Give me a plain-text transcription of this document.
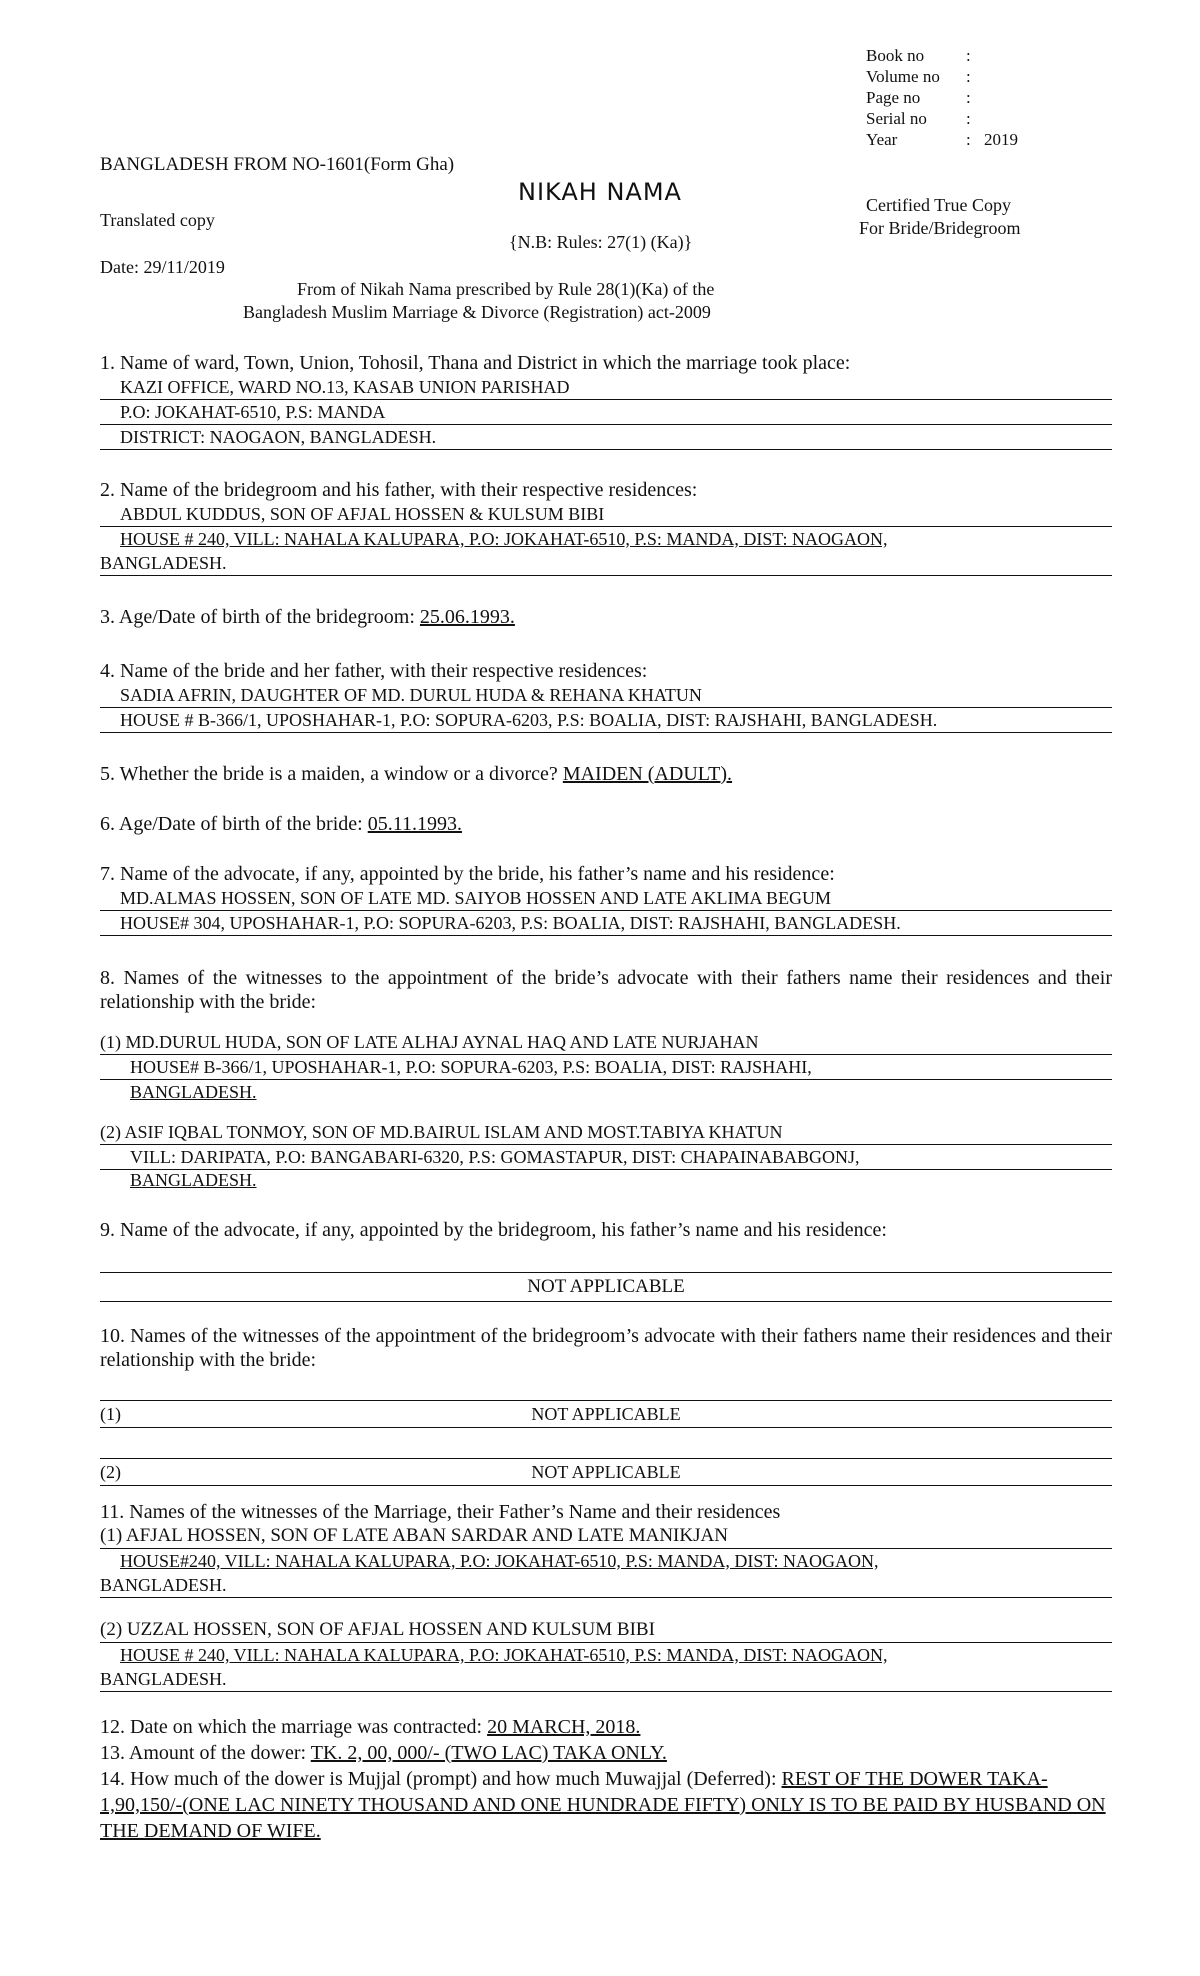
Book no :
Volume no :
Page no	:
Serial no :
Year	: 2019
BANGLADESH FROM NO-1601(Form Gha)
NIKAH NAMA
Translated copy
Certified True Copy
For Bride/Bridegroom
{N.B: Rules: 27(1) (Ka)}
Date: 29/11/2019
From of Nikah Nama prescribed by Rule 28(1)(Ka) of the
Bangladesh Muslim Marriage & Divorce (Registration) act-2009
1. Name of ward, Town, Union, Tohosil, Thana and District in which the marriage took place:
KAZI OFFICE, WARD NO.13, KASAB UNION PARISHAD
P.O: JOKAHAT-6510, P.S: MANDA
DISTRICT: NAOGAON, BANGLADESH.
2. Name of the bridegroom and his father, with their respective residences:
ABDUL KUDDUS, SON OF AFJAL HOSSEN & KULSUM BIBI
HOUSE # 240, VILL: NAHALA KALUPARA, P.O: JOKAHAT-6510, P.S: MANDA, DIST: NAOGAON,
BANGLADESH.
3. Age/Date of birth of the bridegroom: 25.06.1993.
4. Name of the bride and her father, with their respective residences:
SADIA AFRIN, DAUGHTER OF MD. DURUL HUDA & REHANA KHATUN
HOUSE # B-366/1, UPOSHAHAR-1, P.O: SOPURA-6203, P.S: BOALIA, DIST: RAJSHAHI, BANGLADESH.
5. Whether the bride is a maiden, a window or a divorce? MAIDEN (ADULT).
6. Age/Date of birth of the bride: 05.11.1993.
7. Name of the advocate, if any, appointed by the bride, his father’s name and his residence:
MD.ALMAS HOSSEN, SON OF LATE MD. SAIYOB HOSSEN AND LATE AKLIMA BEGUM
HOUSE# 304, UPOSHAHAR-1, P.O: SOPURA-6203, P.S: BOALIA, DIST: RAJSHAHI, BANGLADESH.
8. Names of the witnesses to the appointment of the bride’s advocate with their fathers name their residences and their relationship with the bride:
(1) MD.DURUL HUDA, SON OF LATE ALHAJ AYNAL HAQ AND LATE NURJAHAN
HOUSE# B-366/1, UPOSHAHAR-1, P.O: SOPURA-6203, P.S: BOALIA, DIST: RAJSHAHI,
BANGLADESH.
(2) ASIF IQBAL TONMOY, SON OF MD.BAIRUL ISLAM AND MOST.TABIYA KHATUN
VILL: DARIPATA, P.O: BANGABARI-6320, P.S: GOMASTAPUR, DIST: CHAPAINABABGONJ,
BANGLADESH.
9. Name of the advocate, if any, appointed by the bridegroom, his father’s name and his residence:
NOT APPLICABLE
10. Names of the witnesses of the appointment of the bridegroom’s advocate with their fathers name their residences and their relationship with the bride:
(1)	NOT APPLICABLE
(2)	NOT APPLICABLE
11. Names of the witnesses of the Marriage, their Father’s Name and their residences
(1) AFJAL HOSSEN, SON OF LATE ABAN SARDAR AND LATE MANIKJAN
HOUSE#240, VILL: NAHALA KALUPARA, P.O: JOKAHAT-6510, P.S: MANDA, DIST: NAOGAON,
BANGLADESH.
(2) UZZAL HOSSEN, SON OF AFJAL HOSSEN AND KULSUM BIBI
HOUSE # 240, VILL: NAHALA KALUPARA, P.O: JOKAHAT-6510, P.S: MANDA, DIST: NAOGAON,
BANGLADESH.
12. Date on which the marriage was contracted: 20 MARCH, 2018.
13. Amount of the dower: TK. 2, 00, 000/- (TWO LAC) TAKA ONLY.
14. How much of the dower is Mujjal (prompt) and how much Muwajjal (Deferred): REST OF THE DOWER TAKA-
1,90,150/-(ONE LAC NINETY THOUSAND AND ONE HUNDRADE FIFTY) ONLY IS TO BE PAID BY HUSBAND ON
THE DEMAND OF WIFE.
